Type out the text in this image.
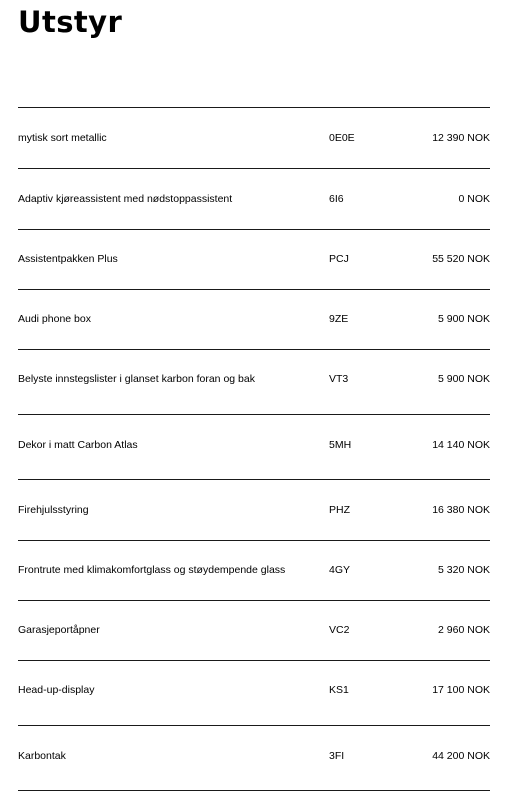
Utstyr
mytisk sort metallic	0E0E	12 390 NOK
Adaptiv kjøreassistent med nødstoppassistent	6I6	0 NOK
Assistentpakken Plus	PCJ	55 520 NOK
Audi phone box	9ZE	5 900 NOK
Belyste innstegslister i glanset karbon foran og bak	VT3	5 900 NOK
Dekor i matt Carbon Atlas	5MH	14 140 NOK
Firehjulsstyring	PHZ	16 380 NOK
Frontrute med klimakomfortglass og støydempende glass	4GY	5 320 NOK
Garasjeportåpner	VC2	2 960 NOK
Head-up-display	KS1	17 100 NOK
Karbontak	3FI	44 200 NOK
